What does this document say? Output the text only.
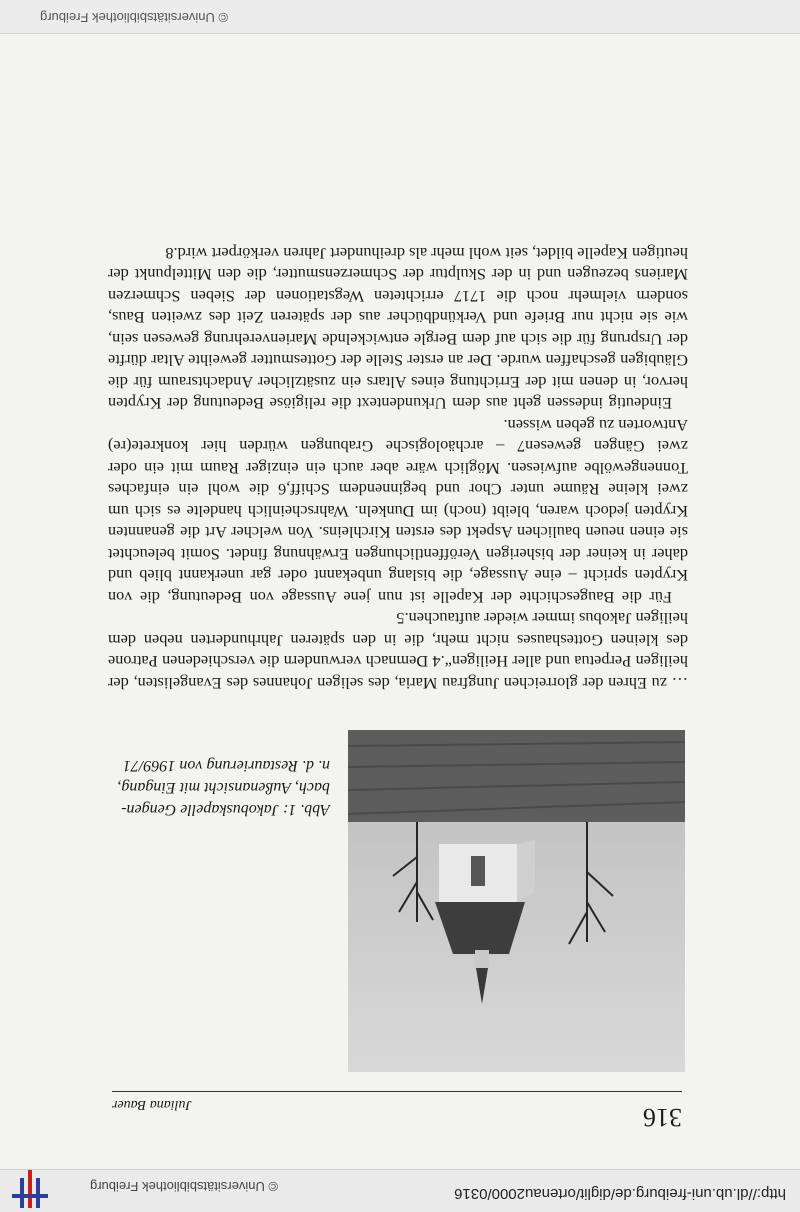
http://dl.ub.uni-freiburg.de/diglit/ortenau2000/0316
© Universitätsbibliothek Freiburg
316
Juliana Bauer
Abb. 1: Jakobuskapelle Gengen-
bach, Außenansicht mit Eingang,
n. d. Restaurierung von 1969/71

… zu Ehren der glorreichen Jungfrau Maria, des seligen Johannes des Evangelisten, der heiligen Perpetua und aller Heiligen“.4 Demnach verwundern die verschiedenen Patrone des kleinen Gotteshauses nicht mehr, die in den späteren Jahrhunderten neben dem heiligen Jakobus immer wieder auftauchen.5

Für die Baugeschichte der Kapelle ist nun jene Aussage von Bedeutung, die von Krypten spricht – eine Aussage, die bislang unbekannt oder gar unerkannt blieb und daher in keiner der bisherigen Veröffentlichungen Erwähnung findet. Somit beleuchtet sie einen neuen baulichen Aspekt des ersten Kirchleins. Von welcher Art die genannten Krypten jedoch waren, bleibt (noch) im Dunkeln. Wahrscheinlich handelte es sich um zwei kleine Räume unter Chor und beginnendem Schiff,6 die wohl ein einfaches Tonnengewölbe aufwiesen. Möglich wäre aber auch ein einziger Raum mit ein oder zwei Gängen gewesen7 – archäologische Grabungen würden hier konkrete(re) Antworten zu geben wissen.

Eindeutig indessen geht aus dem Urkundentext die religiöse Bedeutung der Krypten hervor, in denen mit der Errichtung eines Altars ein zusätzlicher Andachtsraum für die Gläubigen geschaffen wurde. Der an erster Stelle der Gottesmutter geweihte Altar dürfte der Ursprung für die sich auf dem Bergle entwickelnde Marienverehrung gewesen sein, wie sie nicht nur Briefe und Verkündbücher aus der späteren Zeit des zweiten Baus, sondern vielmehr noch die 1717 errichteten Wegstationen der Sieben Schmerzen Mariens bezeugen und in der Skulptur der Schmerzensmutter, die den Mittelpunkt der heutigen Kapelle bildet, seit wohl mehr als dreihundert Jahren verkörpert wird.8

© Universitätsbibliothek Freiburg
